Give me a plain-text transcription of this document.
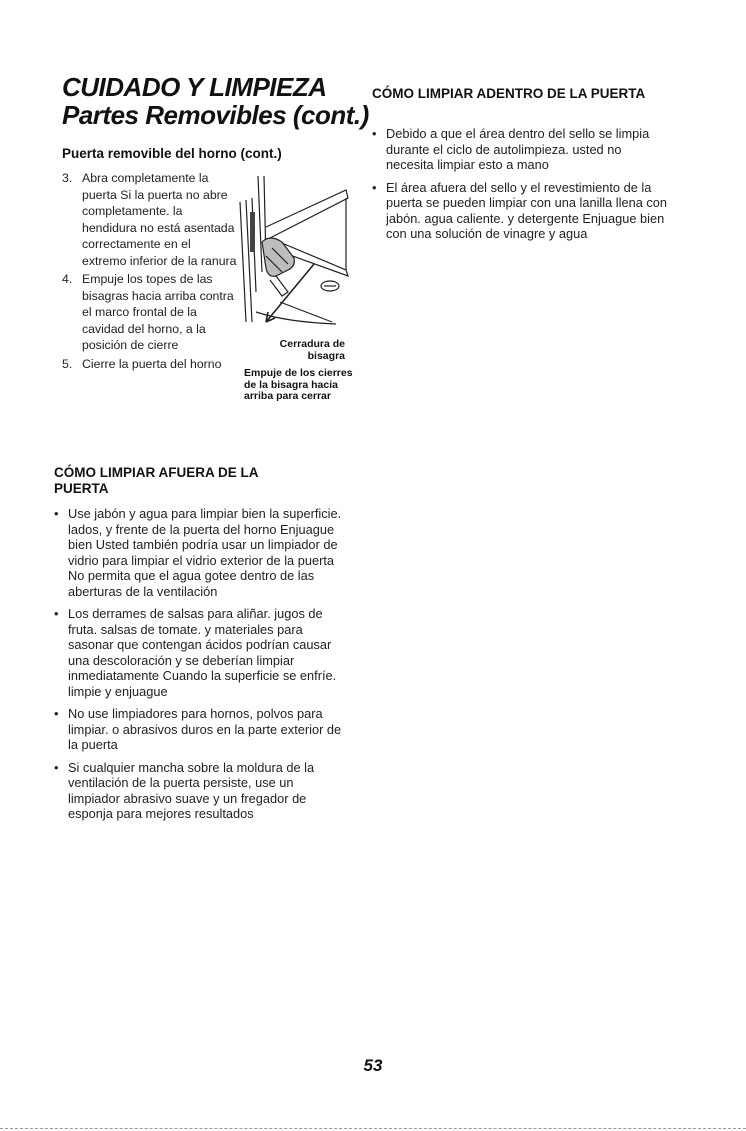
CUIDADO Y LIMPIEZA
Partes Removibles (cont.)

Puerta removible del horno (cont.)

3. Abra completamente la puerta Si la puerta no abre completamente. la hendidura no está asentada correctamente en el extremo inferior de la ranura
4. Empuje los topes de las bisagras hacia arriba contra el marco frontal de la cavidad del horno, a la posición de cierre
5. Cierre la puerta del horno

Cerradura de bisagra

Empuje de los cierres de la bisagra hacia arriba para cerrar

CÓMO LIMPIAR AFUERA DE LA PUERTA
• Use jabón y agua para limpiar bien la superficie. lados, y frente de la puerta del horno Enjuague bien Usted también podría usar un limpiador de vidrio para limpiar el vidrio exterior de la puerta No permita que el agua gotee dentro de las aberturas de la ventilación
• Los derrames de salsas para aliñar. jugos de fruta. salsas de tomate. y materiales para sasonar que contengan ácidos podrían causar una descoloración y se deberían limpiar inmediatamente Cuando la superficie se enfríe. limpie y enjuague
• No use limpiadores para hornos, polvos para limpiar. o abrasivos duros en la parte exterior de la puerta
• Si cualquier mancha sobre la moldura de la ventilación de la puerta persiste, use un limpiador abrasivo suave y un fregador de esponja para mejores resultados
CÓMO LIMPIAR ADENTRO DE LA PUERTA
• Debido a que el área dentro del sello se limpia durante el ciclo de autolimpieza. usted no necesita limpiar esto a mano
• El área afuera del sello y el revestimiento de la puerta se pueden limpiar con una lanilla llena con jabón. agua caliente. y detergente Enjuague bien con una solución de vinagre y agua

53
